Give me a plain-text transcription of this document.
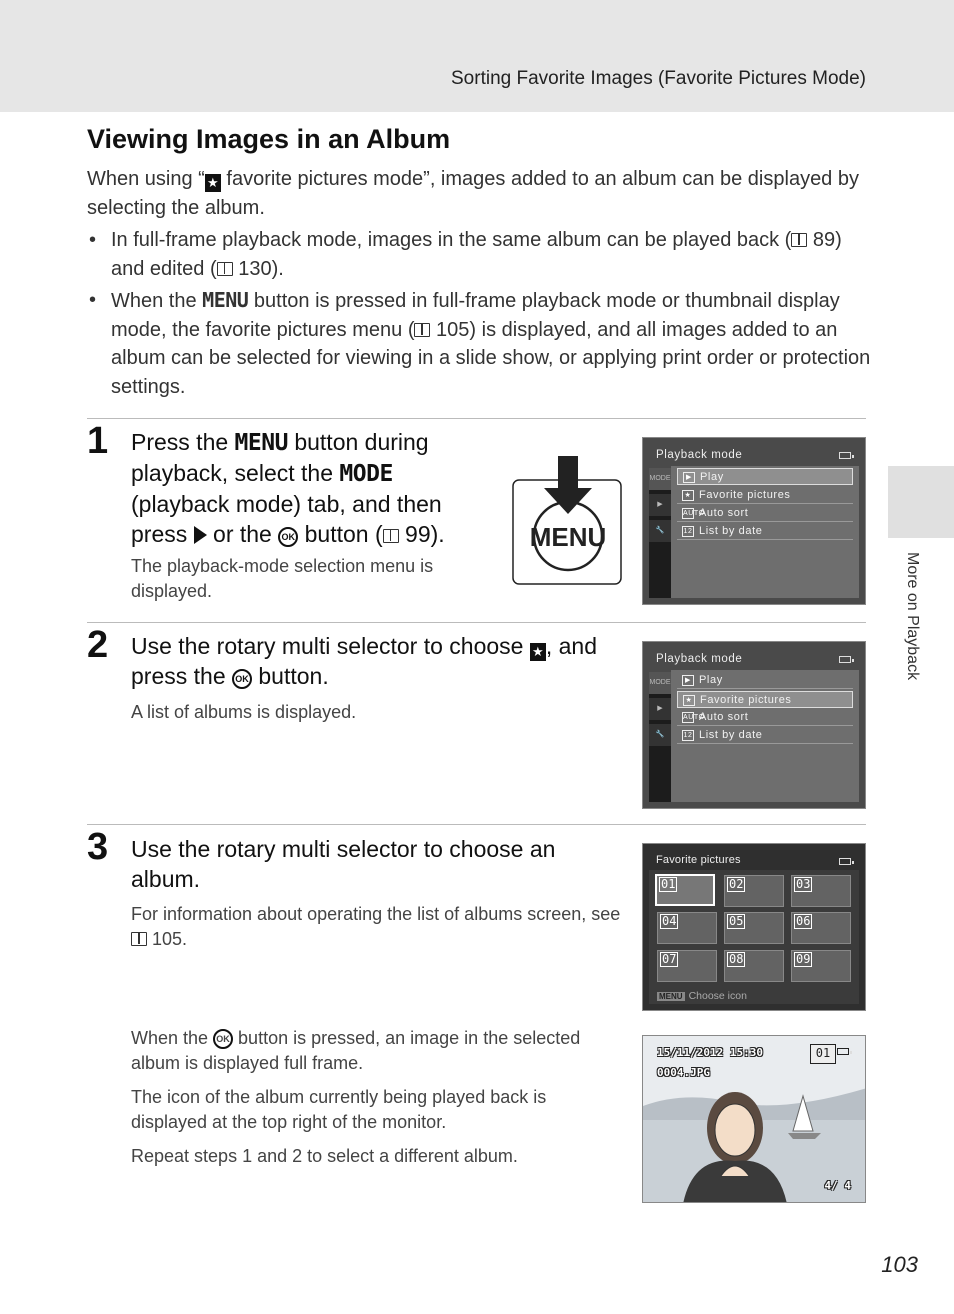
Sorting Favorite Images (Favorite Pictures Mode)
More on Playback
Viewing Images in an Album

When using “ ★ favorite pictures mode”, images added to an album can be displayed by selecting the album.

• In full-frame playback mode, images in the same album can be played back ( 89) and edited ( 130).
• When the MENU button is pressed in full-frame playback mode or thumbnail display mode, the favorite pictures menu ( 105) is displayed, and all images added to an album can be selected for viewing in a slide show, or applying print order or protection settings.
1 Press the MENU button during playback, select the MODE (playback mode) tab, and then press  or the OK button ( 99).
The playback-mode selection menu is displayed.
MENU
Playback mode
MODE
▶
🔧
▶ Play
★ Favorite pictures
AUTO
Auto sort
12 List by date
2 Use the rotary multi selector to choose ★, and press the OK button.
A list of albums is displayed.
Playback mode
MODE
▶
🔧
▶ Play
★ Favorite pictures
AUTO
Auto sort
12 List by date
3 Use the rotary multi selector to choose an album.
For information about operating the list of albums screen, see  105.
Favorite pictures
01	02	03
04	05	06
07	08	09
MENU Choose icon

When the OK button is pressed, an image in the selected album is displayed full frame.

The icon of the album currently being played back is displayed at the top right of the monitor.

Repeat steps 1 and 2 to select a different album.

15/11/2012 15:30
0004.JPG
01
4/ 4
103
